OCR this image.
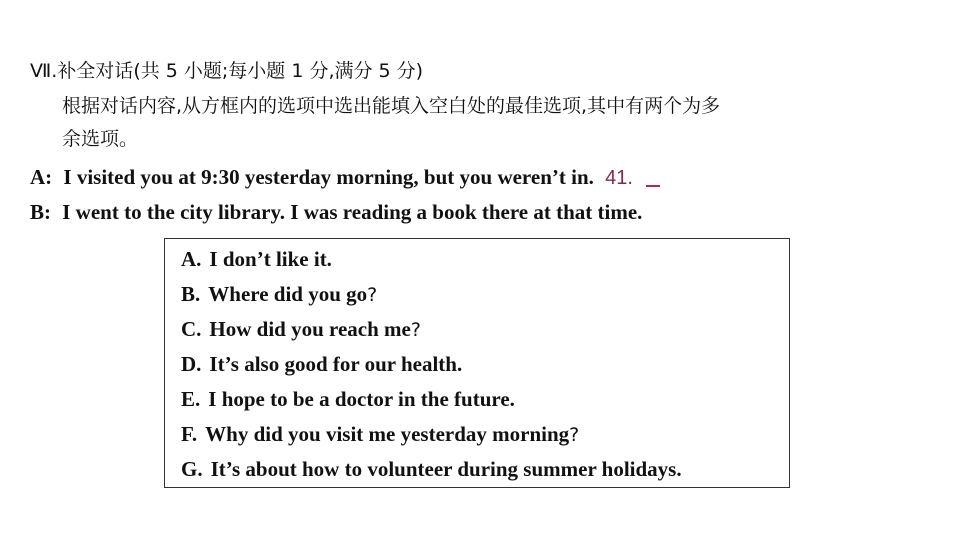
Ⅶ.补全对话(共 5 小题;每小题 1 分,满分 5 分)
根据对话内容,从方框内的选项中选出能填入空白处的最佳选项,其中有两个为多
余选项。
A: I visited you at 9:30 yesterday morning, but you weren’t in. 41.
B: I went to the city library. I was reading a book there at that time.
A. I don’t like it.
B. Where did you go?
C. How did you reach me?
D. It’s also good for our health.
E. I hope to be a doctor in the future.
F. Why did you visit me yesterday morning?
G. It’s about how to volunteer during summer holidays.
